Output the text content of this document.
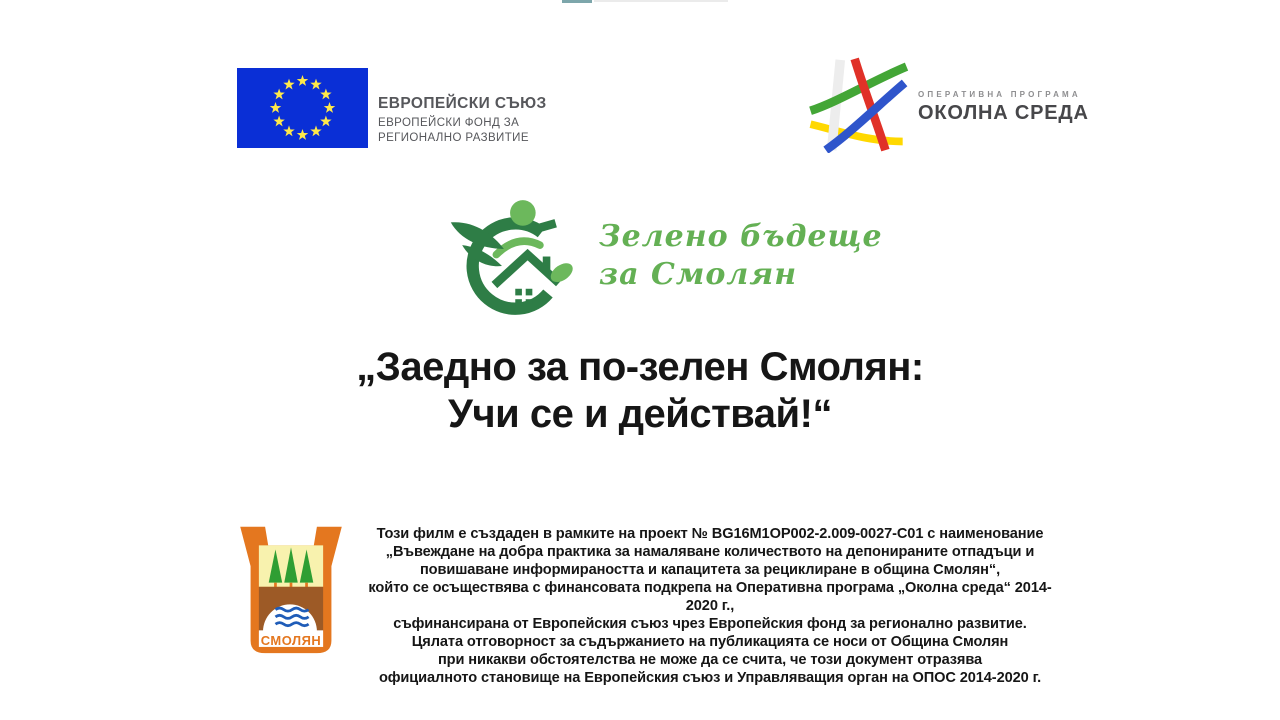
ЕВРОПЕЙСКИ СЪЮЗ
ЕВРОПЕЙСКИ ФОНД ЗА
РЕГИОНАЛНО РАЗВИТИЕ
ОПЕРАТИВНА ПРОГРАМА
ОКОЛНА СРЕДА
Зелено бъдеще
за Смолян
„Заедно за по-зелен Смолян:
Учи се и действай!“
СМОЛЯН
Този филм е създаден в рамките на проект № BG16M1OP002-2.009-0027-C01 с наименование
„Въвеждане на добра практика за намаляване количеството на депонираните отпадъци и
повишаване информираността и капацитета за рециклиране в община Смолян“,
който се осъществява с финансовата подкрепа на Оперативна програма „Околна среда“ 2014-2020 г.,
съфинансирана от Европейския съюз чрез Европейския фонд за регионално развитие.
Цялата отговорност за съдържанието на публикацията се носи от Община Смолян
при никакви обстоятелства не може да се счита, че този документ отразява
официалното становище на Европейския съюз и Управляващия орган на ОПОС 2014-2020 г.
